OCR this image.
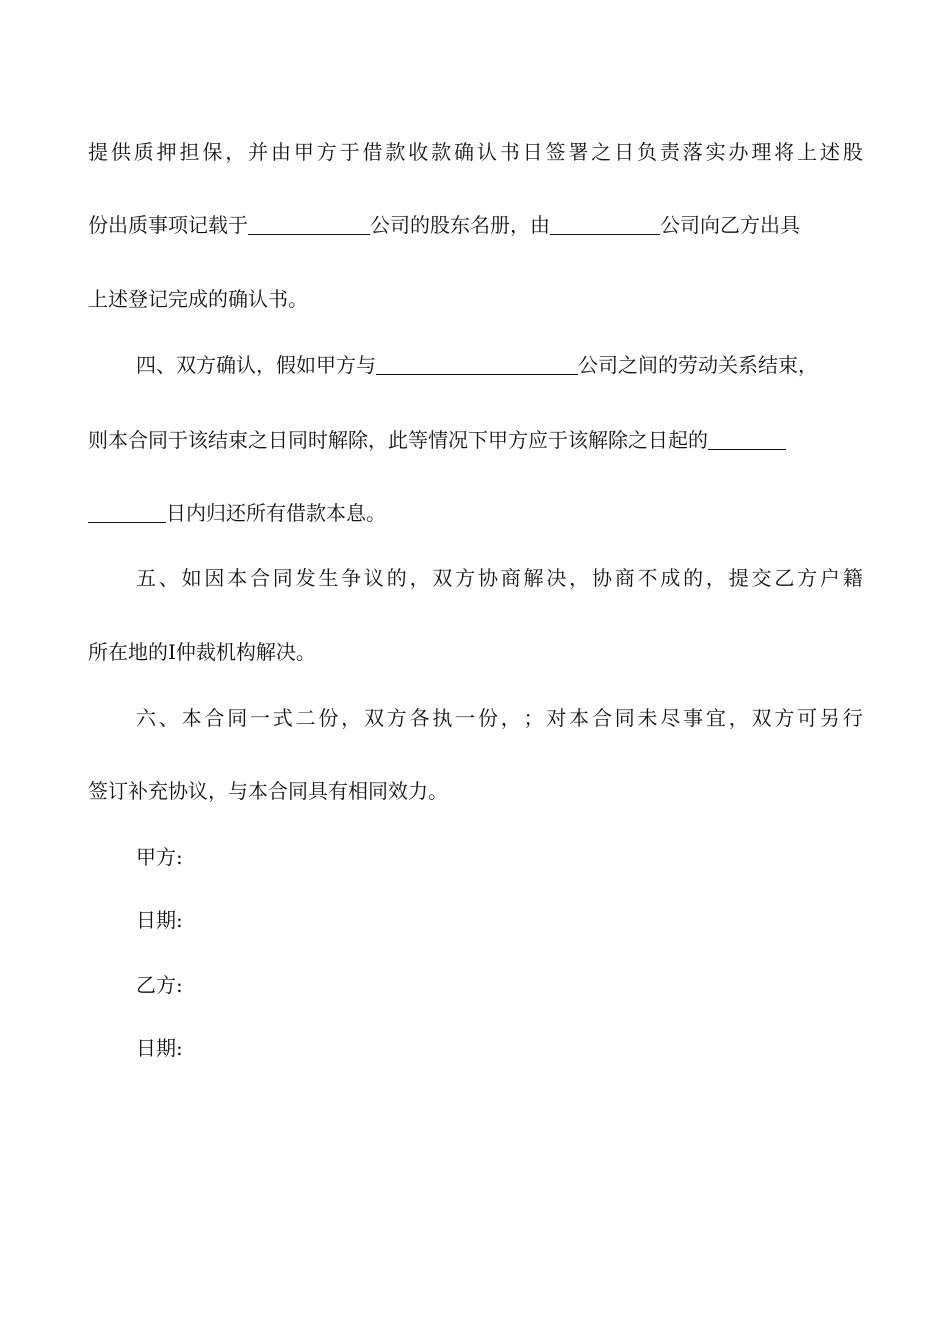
提 供 质 押 担 保 ， 并 由 甲 方 于 借 款 收 款 确 认 书 日 签 署 之 日 负 责 落 实 办 理 将 上 述 股
份出质事项记载于	公司的股东名册，由	公司向乙方出具
上述登记完成的确认书。
四、双方确认，假如甲方与	公司之间的劳动关系结束，
则本合同于该结束之日同时解除，此等情况下甲方应于该解除之日起的
日内归还所有借款本息。
五 、 如 因 本 合 同 发 生 争 议 的 ， 双 方 协 商 解 决 ， 协 商 不 成 的 ， 提 交 乙 方 户 籍
所在地的I仲裁机构解决。
六 、 本 合 同 一 式 二 份 ， 双 方 各 执 一 份 ， ； 对 本 合 同 未 尽 事 宜 ， 双 方 可 另 行
签订补充协议，与本合同具有相同效力。
甲方:
日期:
乙方:
日期:
